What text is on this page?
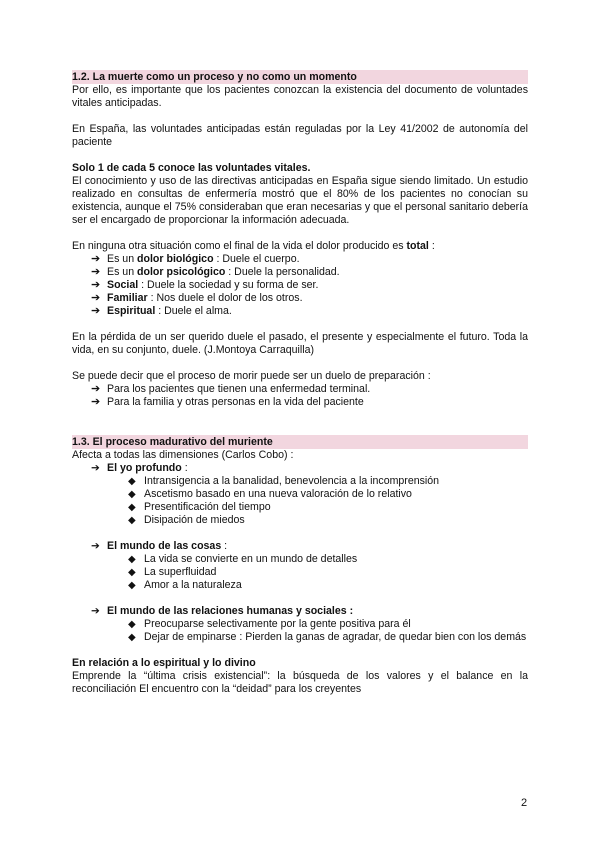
1.2. La muerte como un proceso y no como un momento

Por ello, es importante que los pacientes conozcan la existencia del documento de voluntades vitales anticipadas.

En España, las voluntades anticipadas están reguladas por la Ley 41/2002 de autonomía del paciente

Solo 1 de cada 5 conoce las voluntades vitales.

El conocimiento y uso de las directivas anticipadas en España sigue siendo limitado. Un estudio realizado en consultas de enfermería mostró que el 80% de los pacientes no conocían su existencia, aunque el 75% consideraban que eran necesarias y que el personal sanitario debería ser el encargado de proporcionar la información adecuada.

En ninguna otra situación como el final de la vida el dolor producido es total :

➔ Es un dolor biológico : Duele el cuerpo.
➔ Es un dolor psicológico : Duele la personalidad.
➔ Social : Duele la sociedad y su forma de ser.
➔ Familiar : Nos duele el dolor de los otros.
➔ Espiritual : Duele el alma.

En la pérdida de un ser querido duele el pasado, el presente y especialmente el futuro. Toda la vida, en su conjunto, duele. (J.Montoya Carraquilla)

Se puede decir que el proceso de morir puede ser un duelo de preparación :

➔ Para los pacientes que tienen una enfermedad terminal.
➔ Para la familia y otras personas en la vida del paciente
1.3. El proceso madurativo del muriente

Afecta a todas las dimensiones (Carlos Cobo) :

➔ El yo profundo :
◆ Intransigencia a la banalidad, benevolencia a la incomprensión
◆ Ascetismo basado en una nueva valoración de lo relativo
◆ Presentificación del tiempo
◆ Disipación de miedos
➔ El mundo de las cosas :
◆ La vida se convierte en un mundo de detalles
◆ La superfluidad
◆ Amor a la naturaleza
➔ El mundo de las relaciones humanas y sociales :
◆ Preocuparse selectivamente por la gente positiva para él
◆ Dejar de empinarse : Pierden la ganas de agradar, de quedar bien con los demás

En relación a lo espiritual y lo divino

Emprende la “última crisis existencial”: la búsqueda de los valores y el balance en la reconciliación El encuentro con la “deidad” para los creyentes

2
